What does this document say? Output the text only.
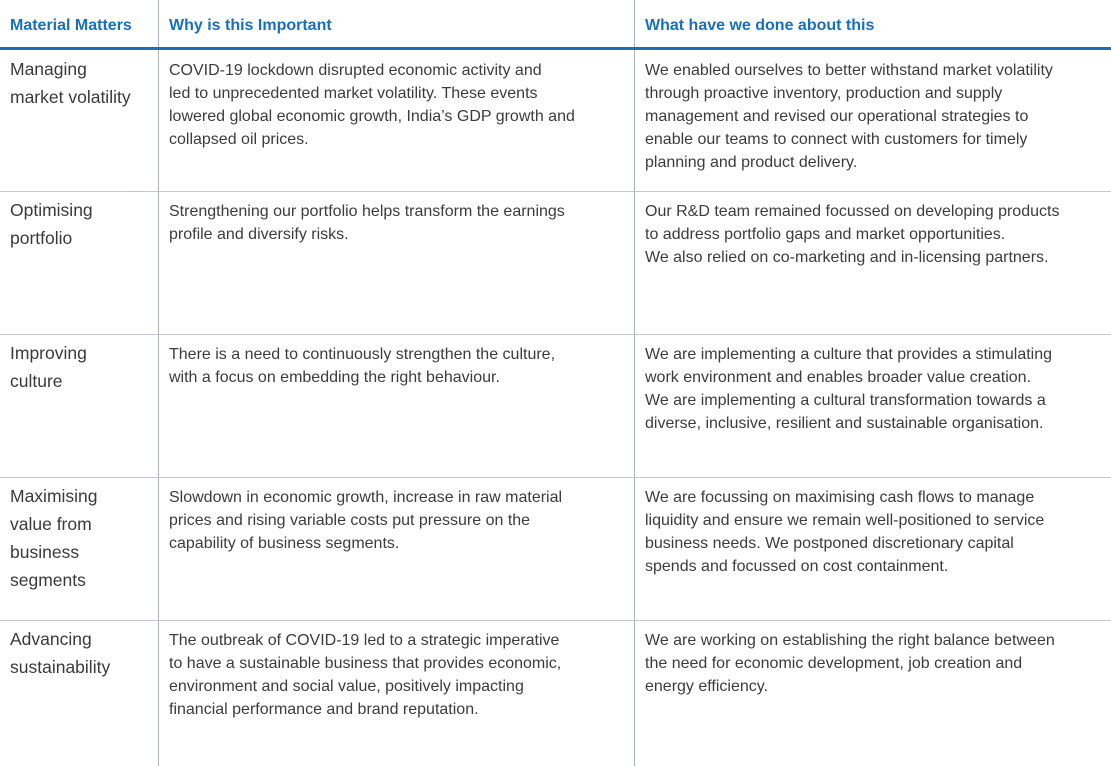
Material Matters	Why is this Important	What have we done about this
Managing
market volatility
COVID-19 lockdown disrupted economic activity and
led to unprecedented market volatility. These events
lowered global economic growth, India’s GDP growth and
collapsed oil prices.
We enabled ourselves to better withstand market volatility
through proactive inventory, production and supply
management and revised our operational strategies to
enable our teams to connect with customers for timely
planning and product delivery.
Optimising
portfolio
Strengthening our portfolio helps transform the earnings
profile and diversify risks.
Our R&D team remained focussed on developing products
to address portfolio gaps and market opportunities.
We also relied on co-marketing and in-licensing partners.
Improving
culture
There is a need to continuously strengthen the culture,
with a focus on embedding the right behaviour.
We are implementing a culture that provides a stimulating
work environment and enables broader value creation.
We are implementing a cultural transformation towards a
diverse, inclusive, resilient and sustainable organisation.
Maximising
value from
business
segments
Slowdown in economic growth, increase in raw material
prices and rising variable costs put pressure on the
capability of business segments.
We are focussing on maximising cash flows to manage
liquidity and ensure we remain well-positioned to service
business needs. We postponed discretionary capital
spends and focussed on cost containment.
Advancing
sustainability
The outbreak of COVID-19 led to a strategic imperative
to have a sustainable business that provides economic,
environment and social value, positively impacting
financial performance and brand reputation.
We are working on establishing the right balance between
the need for economic development, job creation and
energy efficiency.
